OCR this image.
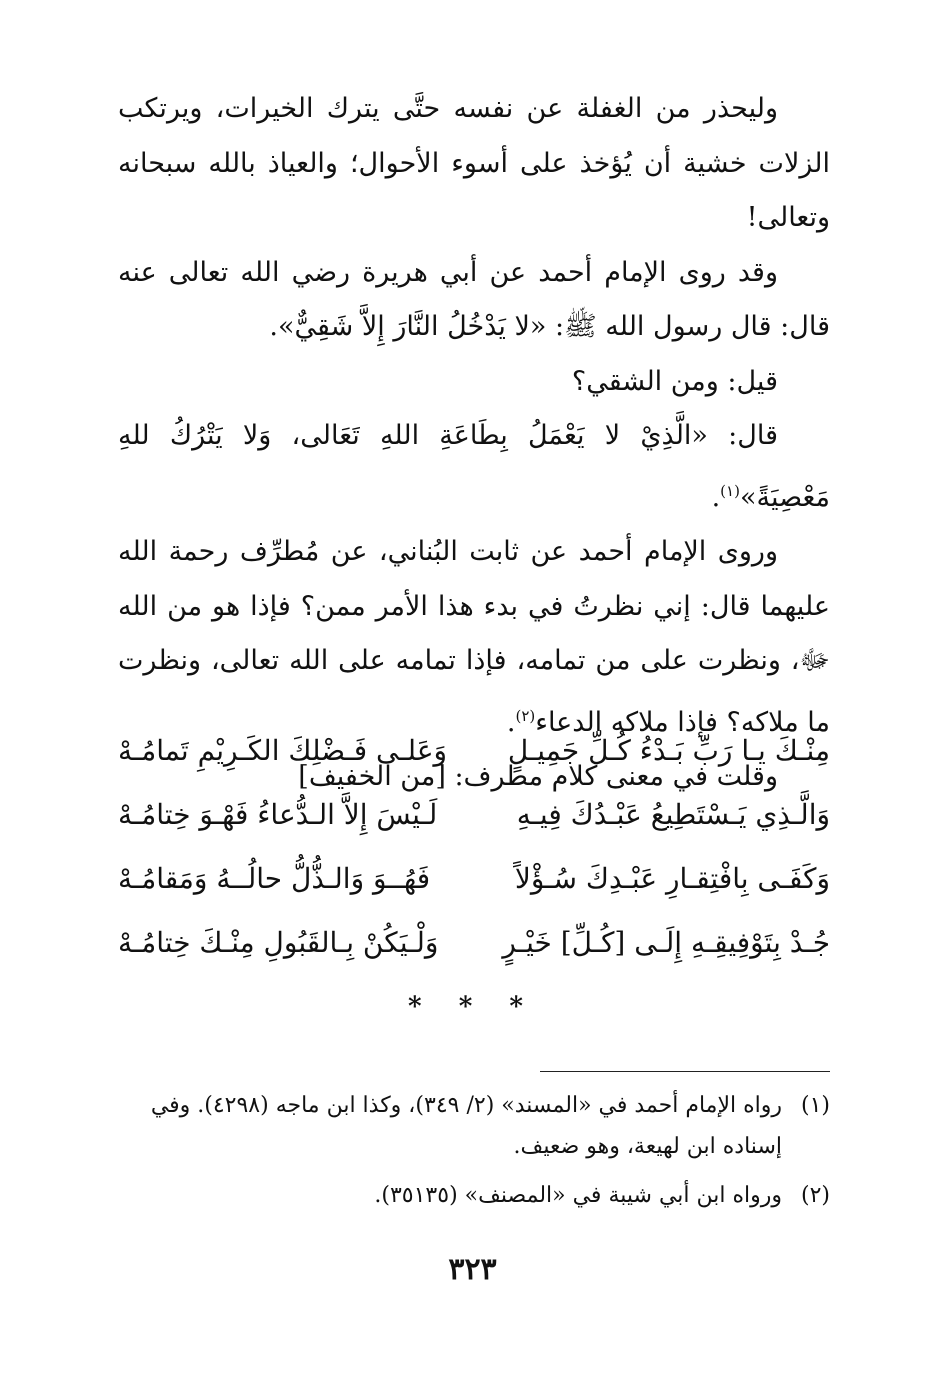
وليحذر من الغفلة عن نفسه حتَّى يترك الخيرات، ويرتكب الزلات خشية أن يُؤخذ على أسوء الأحوال؛ والعياذ بالله سبحانه وتعالى!

وقد روى الإمام أحمد عن أبي هريرة رضي الله تعالى عنه قال: قال رسول الله ﷺ: «لا يَدْخُلُ النَّارَ إِلاَّ شَقِيٌّ».

قيل: ومن الشقي؟

قال: «الَّذِيْ لا يَعْمَلُ بِطَاعَةِ اللهِ تَعَالى، وَلا يَتْرُكُ للهِ مَعْصِيَةً»$^{(١)}$.

وروى الإمام أحمد عن ثابت البُناني، عن مُطرِّف رحمة الله عليهما قال: إني نظرتُ في بدء هذا الأمر ممن؟ فإذا هو من الله ﷻ، ونظرت على من تمامه، فإذا تمامه على الله تعالى، ونظرت ما ملاكه؟ فإذا ملاكه الدعاء$^{(٢)}$.

وقلت في معنى كلام مطرف: [من الخفيف]

مِنْـكَ يـا رَبِّ بَـدْءُ كُـلِّ جَمِيـلٍ
وَعَلـى فَـضْلِكَ الكَـرِيْمِ تَمامُـهْ
وَالَّـذِي يَـسْتَطِيعُ عَبْـدُكَ فِيـهِ
لَـيْسَ إِلاَّ الـدُّعاءُ فَهْـوَ خِتامُـهْ
وَكَفَـى بِافْتِقـارِ عَبْـدِكَ سُـؤْلاً
فَهُــوَ وَالـذُّلُّ حالُــهُ وَمَقامُـهْ
جُـدْ بِتَوْفِيقِـهِ إِلَـى [كُـلِّ] خَيْـرٍ
وَلْـيَكُنْ بِـالقَبُولِ مِنْـكَ خِتامُـهْ
* * *
(١)
رواه الإمام أحمد في «المسند» (٢/ ٣٤٩)، وكذا ابن ماجه (٤٢٩٨). وفي إسناده ابن لهيعة، وهو ضعيف.
(٢)
ورواه ابن أبي شيبة في «المصنف» (٣٥١٣٥).
٣٢٣
